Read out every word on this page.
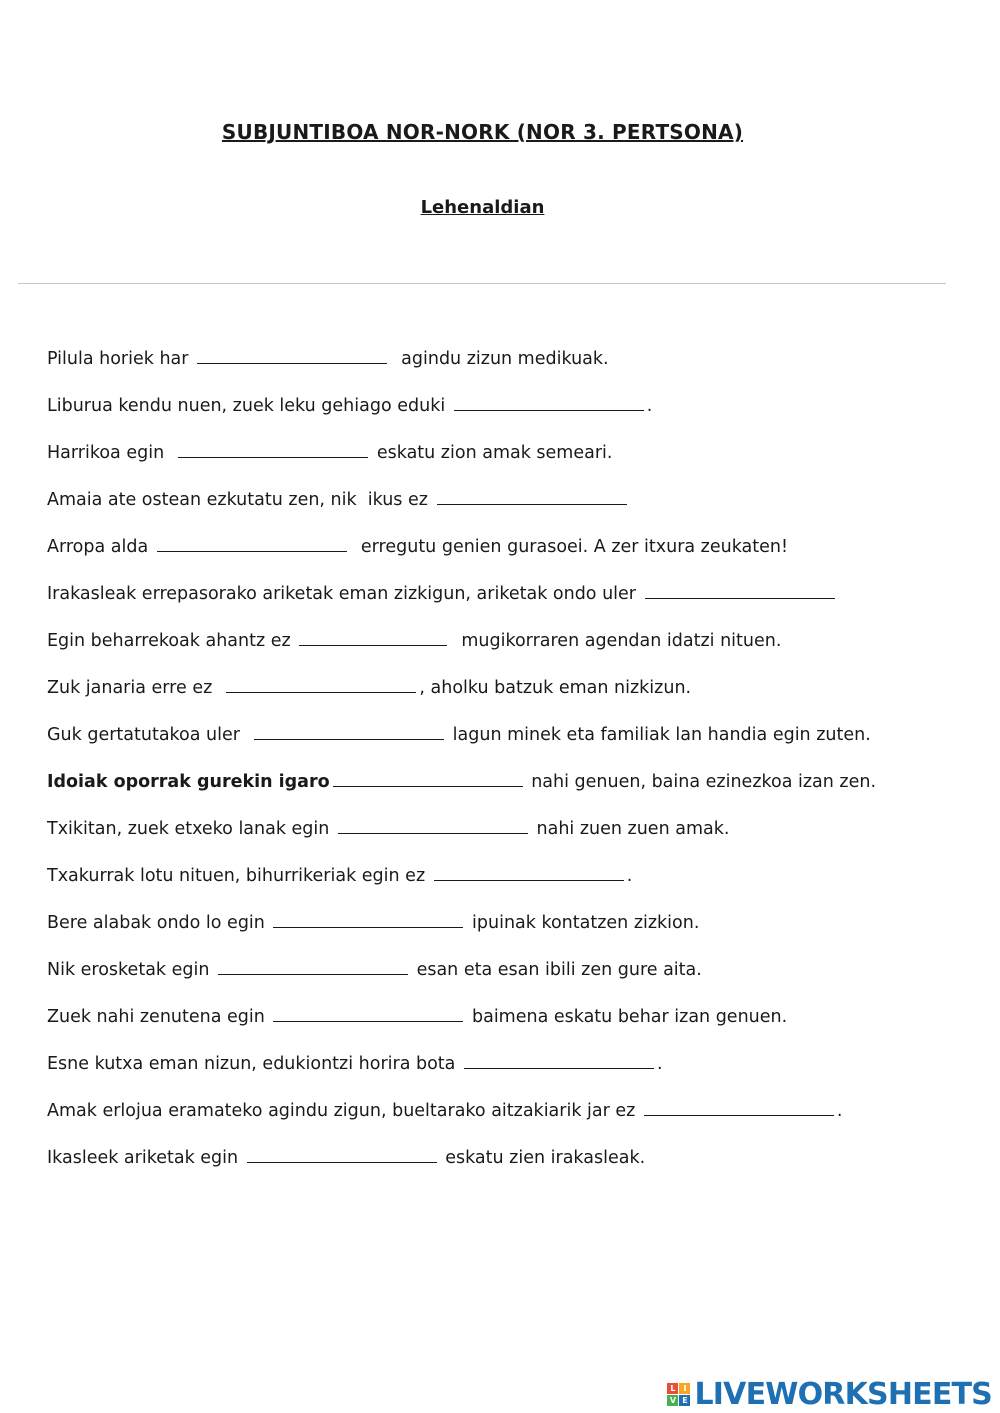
SUBJUNTIBOA NOR-NORK (NOR 3. PERTSONA)
Lehenaldian
Pilula horiek har	agindu zizun medikuak.
Liburua kendu nuen, zuek leku gehiago eduki	.
Harrikoa egin	eskatu zion amak semeari.
Amaia ate ostean ezkutatu zen, nik  ikus ez
Arropa alda	erregutu genien gurasoei. A zer itxura zeukaten!
Irakasleak errepasorako ariketak eman zizkigun, ariketak ondo uler
Egin beharrekoak ahantz ez	mugikorraren agendan idatzi nituen.
Zuk janaria erre ez	, aholku batzuk eman nizkizun.
Guk gertatutakoa uler	lagun minek eta familiak lan handia egin zuten.
Idoiak oporrak gurekin igaro	nahi genuen, baina ezinezkoa izan zen.
Txikitan, zuek etxeko lanak egin	nahi zuen zuen amak.
Txakurrak lotu nituen, bihurrikeriak egin ez	.
Bere alabak ondo lo egin	ipuinak kontatzen zizkion.
Nik erosketak egin	esan eta esan ibili zen gure aita.
Zuek nahi zenutena egin	baimena eskatu behar izan genuen.
Esne kutxa eman nizun, edukiontzi horira bota	.
Amak erlojua eramateko agindu zigun, bueltarako aitzakiarik jar ez	.
Ikasleek ariketak egin	eskatu zien irakasleak.
L I
V E LIVEWORKSHEETS
